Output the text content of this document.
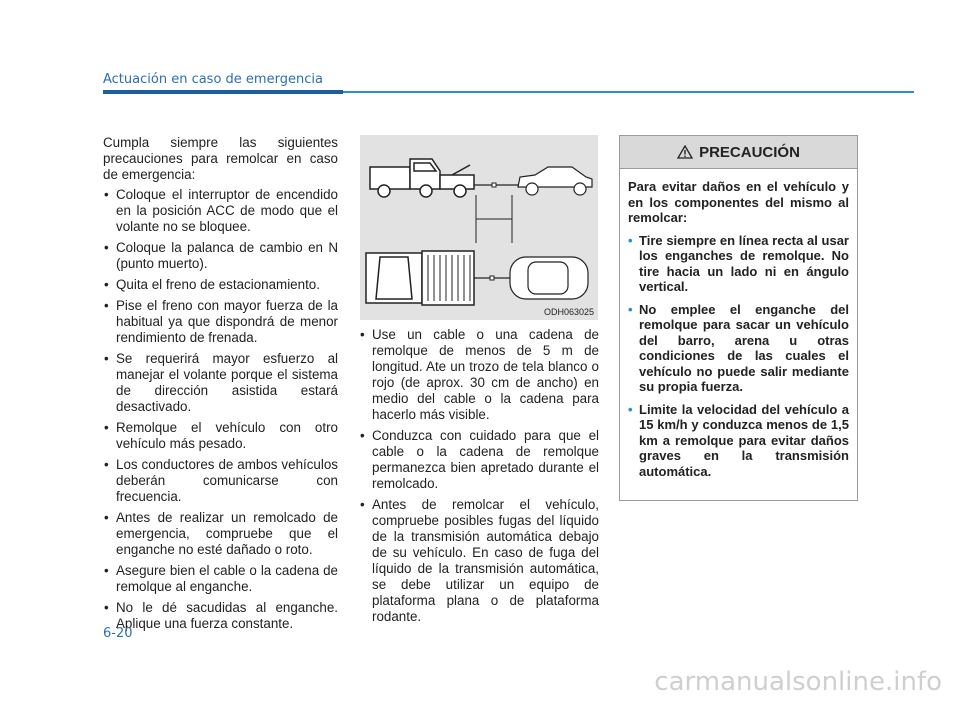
Actuación en caso de emergencia

Cumpla siempre las siguientes precauciones para remolcar en caso de emergencia:

• Coloque el interruptor de encendido en la posición ACC de modo que el volante no se bloquee.
• Coloque la palanca de cambio en N (punto muerto).
• Quita el freno de estacionamiento.
• Pise el freno con mayor fuerza de la habitual ya que dispondrá de menor rendimiento de frenada.
• Se requerirá mayor esfuerzo al manejar el volante porque el sistema de dirección asistida estará desactivado.
• Remolque el vehículo con otro vehículo más pesado.
• Los conductores de ambos vehículos deberán comunicarse con frecuencia.
• Antes de realizar un remolcado de emergencia, compruebe que el enganche no esté dañado o roto.
• Asegure bien el cable o la cadena de remolque al enganche.
• No le dé sacudidas al enganche. Aplique una fuerza constante.
ODH063025
• Use un cable o una cadena de remolque de menos de 5 m de longitud. Ate un trozo de tela blanco o rojo (de aprox. 30 cm de ancho) en medio del cable o la cadena para hacerlo más visible.
• Conduzca con cuidado para que el cable o la cadena de remolque permanezca bien apretado durante el remolcado.
• Antes de remolcar el vehículo, compruebe posibles fugas del líquido de la transmisión automática debajo de su vehículo. En caso de fuga del líquido de la transmisión automática, se debe utilizar un equipo de plataforma plana o de plataforma rodante.
PRECAUCIÓN

Para evitar daños en el vehículo y en los componentes del mismo al remolcar:

• Tire siempre en línea recta al usar los enganches de remolque. No tire hacia un lado ni en ángulo vertical.
• No emplee el enganche del remolque para sacar un vehículo del barro, arena u otras condiciones de las cuales el vehículo no puede salir mediante su propia fuerza.
• Limite la velocidad del vehículo a 15 km/h y conduzca menos de 1,5 km a remolque para evitar daños graves en la transmisión automática.
6-20
carmanualsonline.info
